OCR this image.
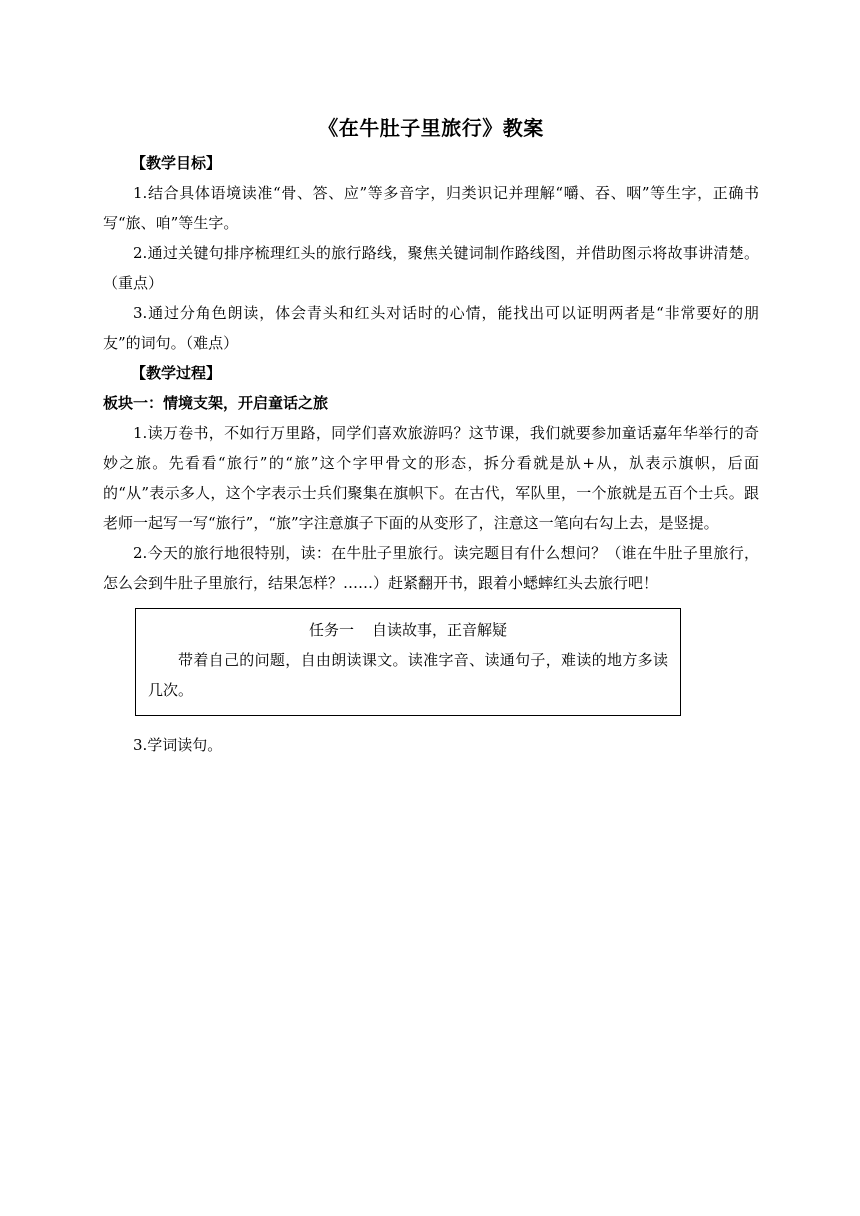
《在牛肚子里旅行》教案
【教学目标】

1.结合具体语境读准“骨、答、应”等多音字，归类识记并理解“嚼、吞、咽”等生字，正确书写“旅、咱”等生字。

2.通过关键句排序梳理红头的旅行路线，聚焦关键词制作路线图，并借助图示将故事讲清楚。（重点）

3.通过分角色朗读，体会青头和红头对话时的心情，能找出可以证明两者是“非常要好的朋友”的词句。（难点）

【教学过程】
板块一：情境支架，开启童话之旅

1.读万卷书，不如行万里路，同学们喜欢旅游吗？这节课，我们就要参加童话嘉年华举行的奇妙之旅。先看看“旅行”的“旅”这个字甲骨文的形态，拆分看就是㫃+从，㫃表示旗帜，后面的“从”表示多人，这个字表示士兵们聚集在旗帜下。在古代，军队里，一个旅就是五百个士兵。跟老师一起写一写“旅行”，“旅”字注意旗子下面的从变形了，注意这一笔向右勾上去，是竖提。

2.今天的旅行地很特别，读：在牛肚子里旅行。读完题目有什么想问？（谁在牛肚子里旅行，怎么会到牛肚子里旅行，结果怎样？……）赶紧翻开书，跟着小蟋蟀红头去旅行吧！

任务一 自读故事，正音解疑
带着自己的问题，自由朗读课文。读准字音、读通句子，难读的地方多读几次。

3.学词读句。
